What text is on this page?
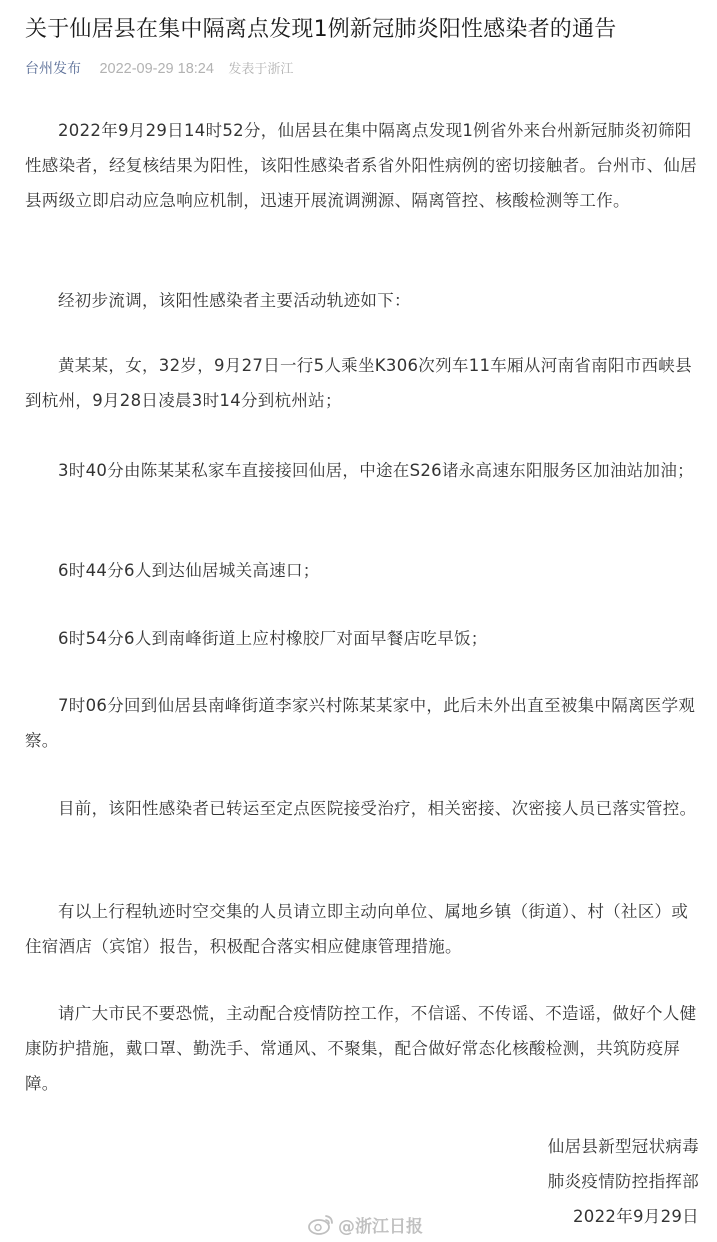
关于仙居县在集中隔离点发现1例新冠肺炎阳性感染者的通告
台州发布 2022-09-29 18:24 发表于浙江

2022年9月29日14时52分，仙居县在集中隔离点发现1例省外来台州新冠肺炎初筛阳性感染者，经复核结果为阳性，该阳性感染者系省外阳性病例的密切接触者。台州市、仙居县两级立即启动应急响应机制，迅速开展流调溯源、隔离管控、核酸检测等工作。

经初步流调，该阳性感染者主要活动轨迹如下：

黄某某，女，32岁，9月27日一行5人乘坐K306次列车11车厢从河南省南阳市西峡县到杭州，9月28日凌晨3时14分到杭州站；

3时40分由陈某某私家车直接接回仙居，中途在S26诸永高速东阳服务区加油站加油；

6时44分6人到达仙居城关高速口；

6时54分6人到南峰街道上应村橡胶厂对面早餐店吃早饭；

7时06分回到仙居县南峰街道李家兴村陈某某家中，此后未外出直至被集中隔离医学观察。

目前，该阳性感染者已转运至定点医院接受治疗，相关密接、次密接人员已落实管控。

有以上行程轨迹时空交集的人员请立即主动向单位、属地乡镇（街道）、村（社区）或住宿酒店（宾馆）报告，积极配合落实相应健康管理措施。

请广大市民不要恐慌，主动配合疫情防控工作，不信谣、不传谣、不造谣，做好个人健康防护措施，戴口罩、勤洗手、常通风、不聚集，配合做好常态化核酸检测，共筑防疫屏障。

仙居县新型冠状病毒

肺炎疫情防控指挥部

2022年9月29日

@浙江日报
